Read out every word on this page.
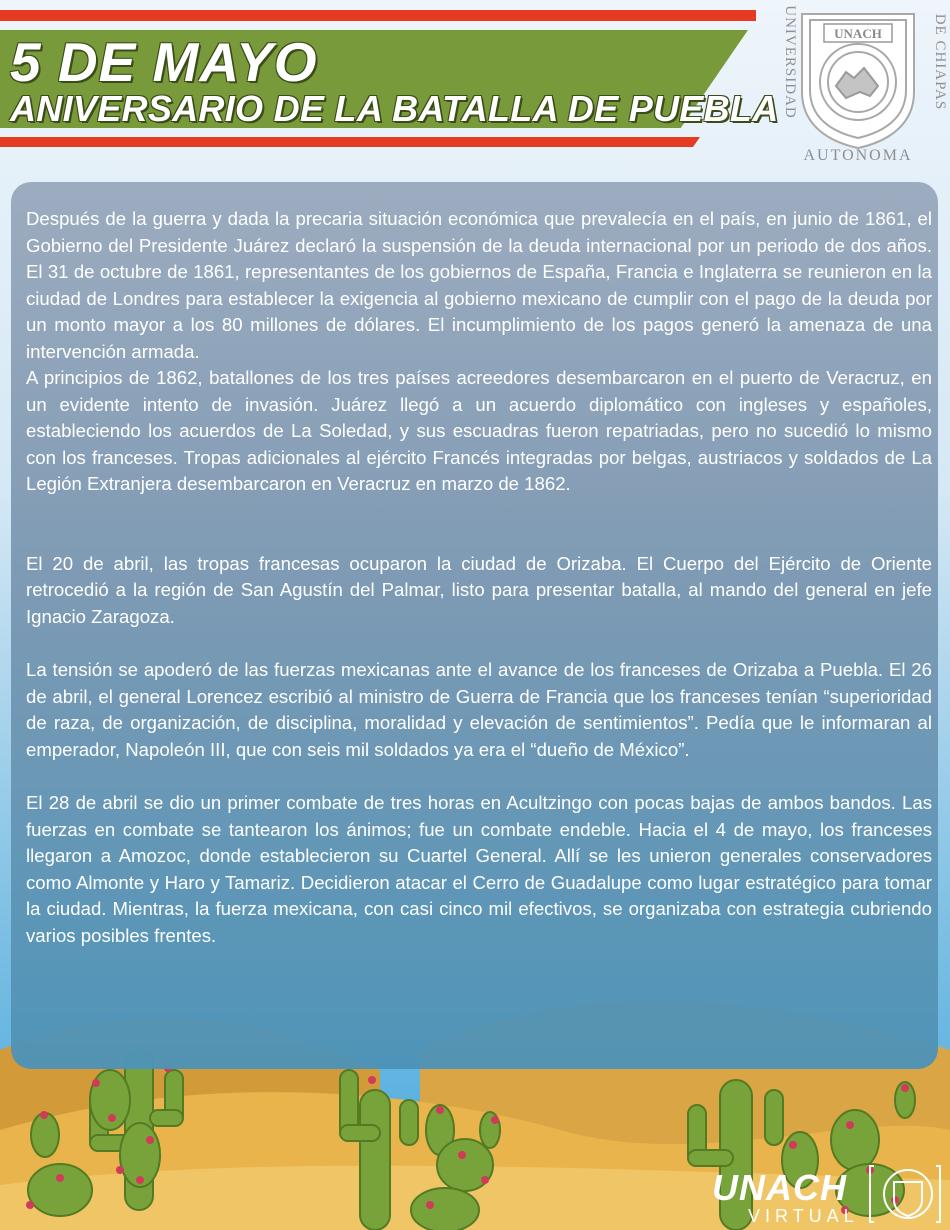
5 DE MAYO
ANIVERSARIO DE LA BATALLA DE PUEBLA
UNACH
UNIVERSIDAD	DE CHIAPAS
AUTONOMA

Después de la guerra y dada la precaria situación económica que prevalecía en el país, en junio de 1861, el Gobierno del Presidente Juárez declaró la suspensión de la deuda internacional por un periodo de dos años. El 31 de octubre de 1861, representantes de los gobiernos de España, Francia e Inglaterra se reunieron en la ciudad de Londres para establecer la exigencia al gobierno mexicano de cumplir con el pago de la deuda por un monto mayor a los 80 millones de dólares. El incumplimiento de los pagos generó la amenaza de una intervención armada.

A principios de 1862, batallones de los tres países acreedores desembarcaron en el puerto de Veracruz, en un evidente intento de invasión. Juárez llegó a un acuerdo diplomático con ingleses y españoles, estableciendo los acuerdos de La Soledad, y sus escuadras fueron repatriadas, pero no sucedió lo mismo con los franceses. Tropas adicionales al ejército Francés integradas por belgas, austriacos y soldados de La Legión Extranjera desembarcaron en Veracruz en marzo de 1862.

El 20 de abril, las tropas francesas ocuparon la ciudad de Orizaba. El Cuerpo del Ejército de Oriente retrocedió a la región de San Agustín del Palmar, listo para presentar batalla, al mando del general en jefe Ignacio Zaragoza.

La tensión se apoderó de las fuerzas mexicanas ante el avance de los franceses de Orizaba a Puebla. El 26 de abril, el general Lorencez escribió al ministro de Guerra de Francia que los franceses tenían “superioridad de raza, de organización, de disciplina, moralidad y elevación de sentimientos”. Pedía que le informaran al emperador, Napoleón III, que con seis mil soldados ya era el “dueño de México”.

El 28 de abril se dio un primer combate de tres horas en Acultzingo con pocas bajas de ambos bandos. Las fuerzas en combate se tantearon los ánimos; fue un combate endeble. Hacia el 4 de mayo, los franceses llegaron a Amozoc, donde establecieron su Cuartel General. Allí se les unieron generales conservadores como Almonte y Haro y Tamariz. Decidieron atacar el Cerro de Guadalupe como lugar estratégico para tomar la ciudad. Mientras, la fuerza mexicana, con casi cinco mil efectivos, se organizaba con estrategia cubriendo varios posibles frentes.

UNACH
VIRTUAL
